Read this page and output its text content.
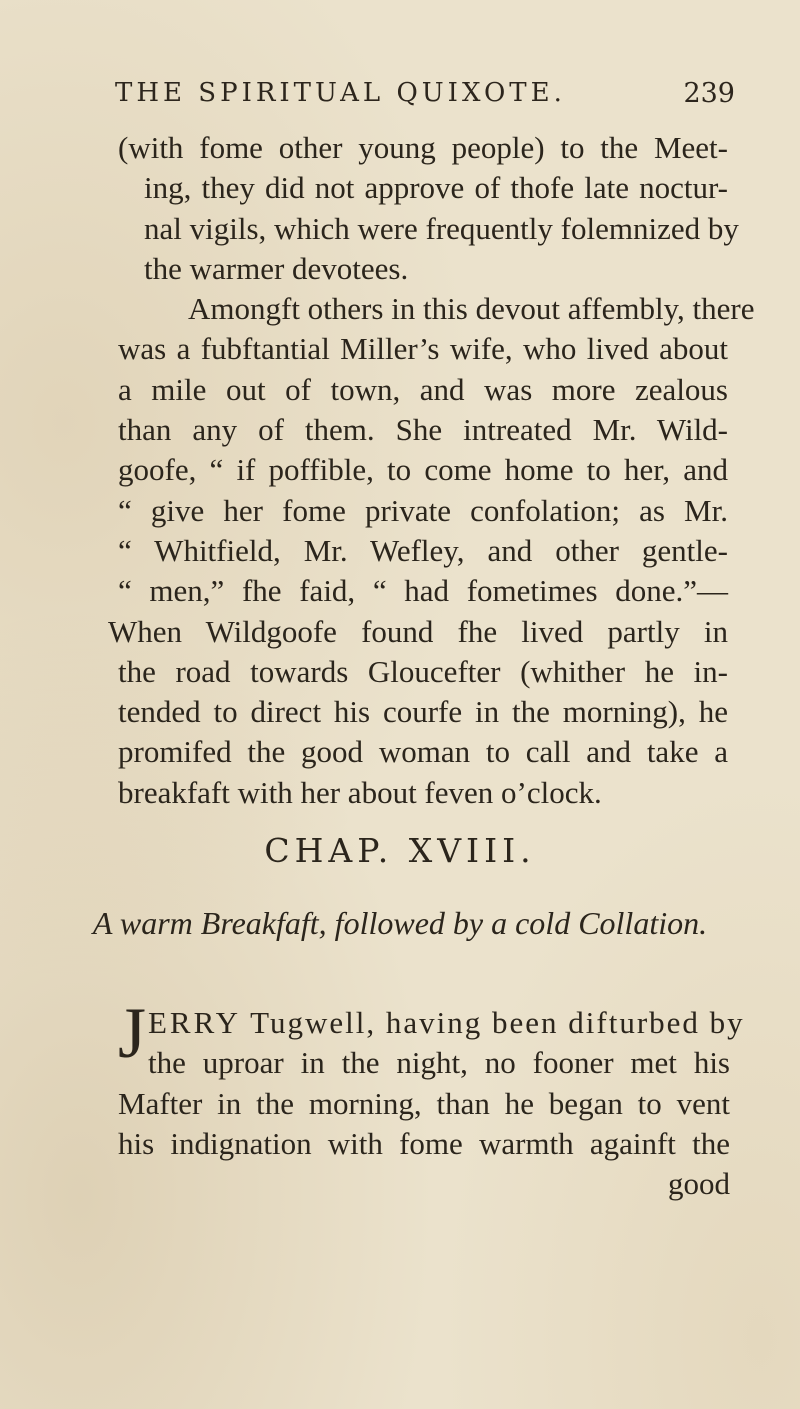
THE SPIRITUAL QUIXOTE.	239
(with fome other young people) to the Meet-
ing, they did not approve of thofe late noctur-
nal vigils, which were frequently folemnized by
the warmer devotees.
Amongft others in this devout affembly, there
was a fubftantial Miller’s wife, who lived about
a mile out of town, and was more zealous
than any of them. She intreated Mr. Wild-
goofe, “ if poffible, to come home to her, and
“ give her fome private confolation; as Mr.
“ Whitfield, Mr. Wefley, and other gentle-
“ men,” fhe faid, “ had fometimes done.”—
When Wildgoofe found fhe lived partly in
the road towards Gloucefter (whither he in-
tended to direct his courfe in the morning), he
promifed the good woman to call and take a
breakfaft with her about feven o’clock.
CHAP. XVIII.
A warm Breakfaft, followed by a cold Collation.
J ERRY Tugwell, having been difturbed by
the uproar in the night, no fooner met his
Mafter in the morning, than he began to vent
his indignation with fome warmth againft the
good
